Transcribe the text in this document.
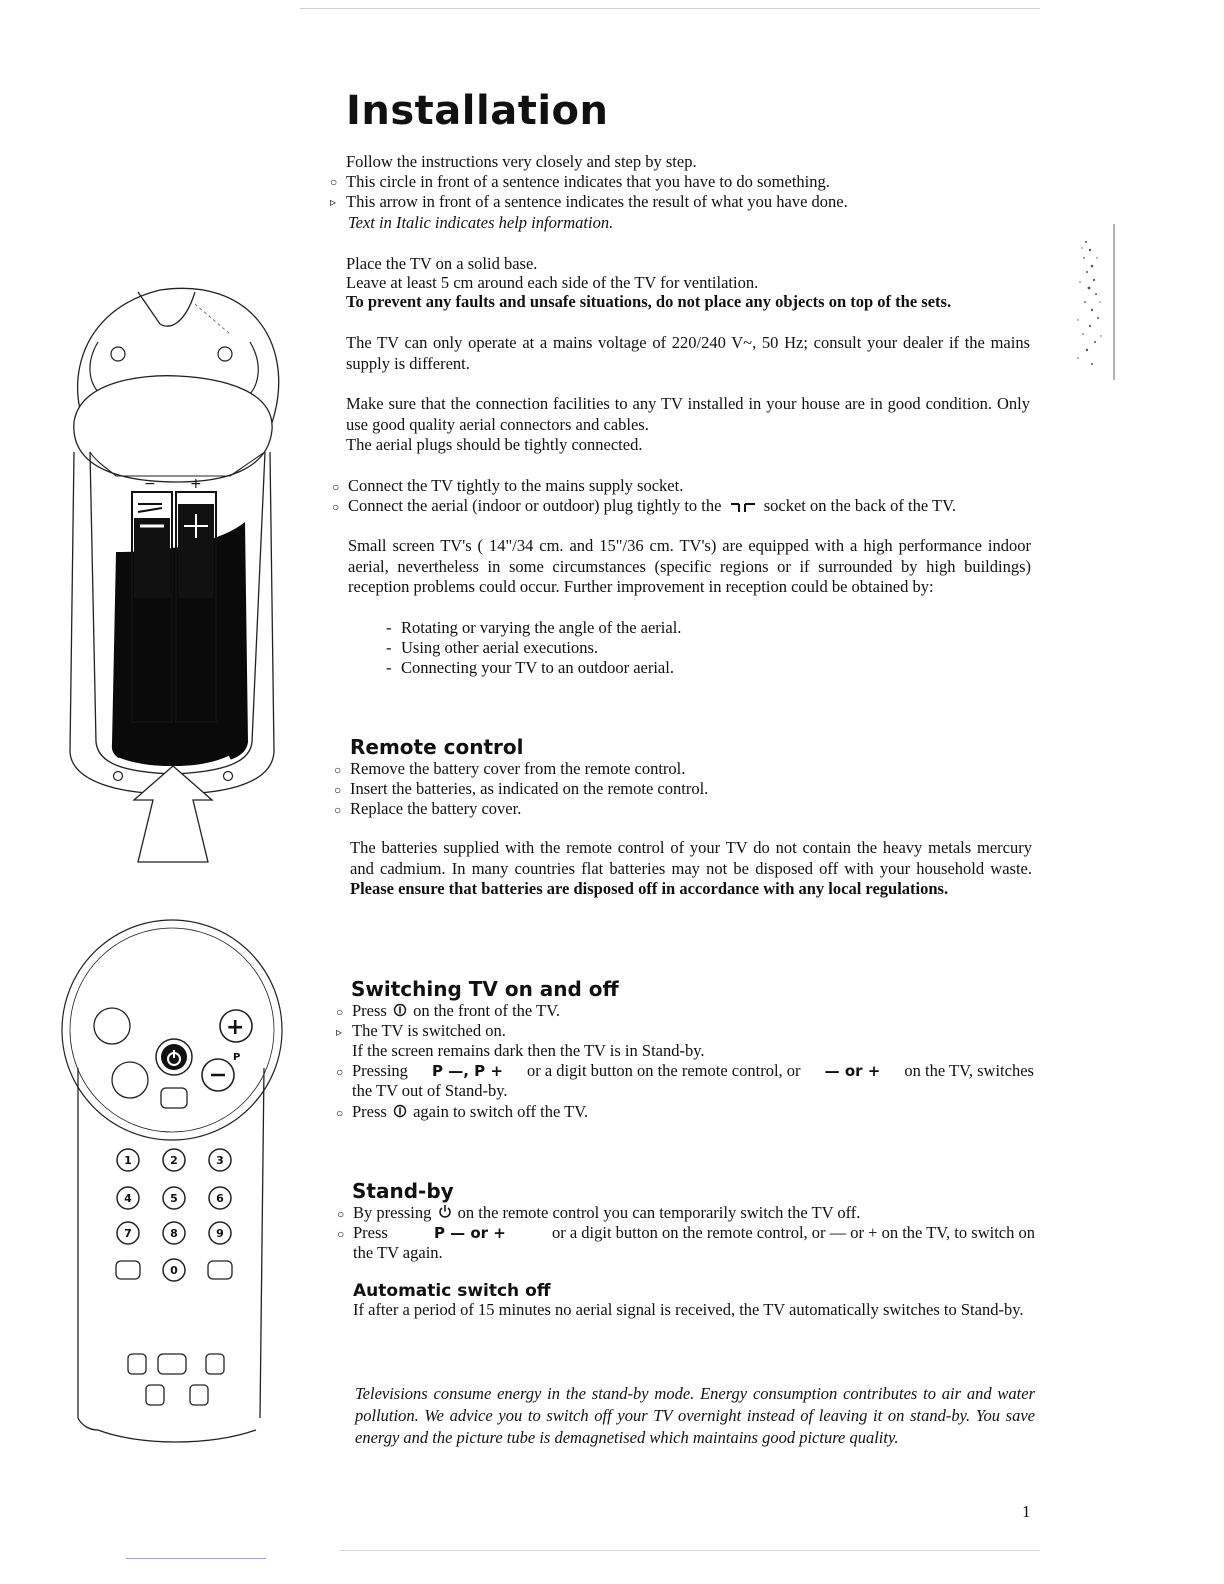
Installation
Follow the instructions very closely and step by step.
○ This circle in front of a sentence indicates that you have to do something.
▹ This arrow in front of a sentence indicates the result of what you have done.
Text in Italic indicates help information.
Place the TV on a solid base.
Leave at least 5 cm around each side of the TV for ventilation.
To prevent any faults and unsafe situations, do not place any objects on top of the sets.
The TV can only operate at a mains voltage of 220/240 V~, 50 Hz; consult your dealer if the mains supply is different.
Make sure that the connection facilities to any TV installed in your house are in good condition. Only use good quality aerial connectors and cables.
The aerial plugs should be tightly connected.
○ Connect the TV tightly to the mains supply socket.
○ Connect the aerial (indoor or outdoor) plug tightly to the	socket on the back of the TV.
Small screen TV's ( 14"/34 cm. and 15"/36 cm. TV's) are equipped with a high performance indoor aerial, nevertheless in some circumstances (specific regions or if surrounded by high buildings) reception problems could occur. Further improvement in reception could be obtained by:
- Rotating or varying the angle of the aerial.
- Using other aerial executions.
- Connecting your TV to an outdoor aerial.
Remote control
○ Remove the battery cover from the remote control.
○ Insert the batteries, as indicated on the remote control.
○ Replace the battery cover.
The batteries supplied with the remote control of your TV do not contain the heavy metals mercury and cadmium. In many countries flat batteries may not be disposed off with your household waste. Please ensure that batteries are disposed off in accordance with any local regulations.
Switching TV on and off
○ Press on the front of the TV.
▹ The TV is switched on.
If the screen remains dark then the TV is in Stand-by.
○ Pressing P —, P + or a digit button on the remote control, or — or + on the TV, switches
the TV out of Stand-by.
○ Press again to switch off the TV.
Stand-by
○ By pressing on the remote control you can temporarily switch the TV off.
○ Press	P — or +	or a digit button on the remote control, or — or + on the TV, to switch on
the TV again.
Automatic switch off
If after a period of 15 minutes no aerial signal is received, the TV automatically switches to Stand-by.
Televisions consume energy in the stand-by mode. Energy consumption contributes to air and water pollution. We advice you to switch off your TV overnight instead of leaving it on stand-by. You save energy and the picture tube is demagnetised which maintains good picture quality.
1
− +
+
P
1	2	3
4	5	6
7	8	9
0
